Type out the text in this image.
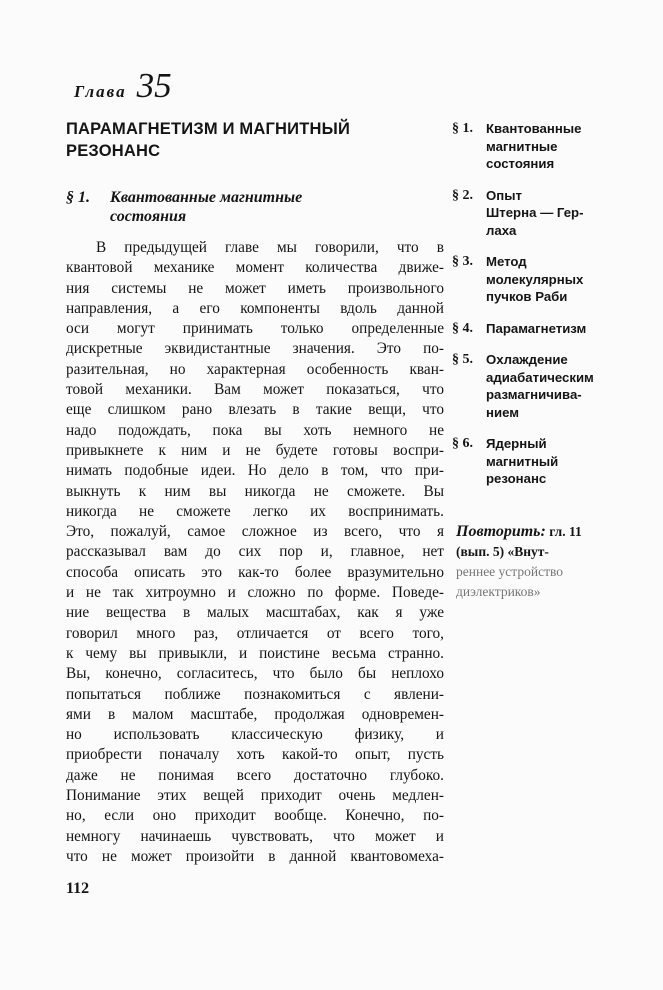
Глава 35
ПАРАМАГНЕТИЗМ И МАГНИТНЫЙ
РЕЗОНАНС
§ 1.	Квантованные магнитные
состояния
В предыдущей главе мы говорили, что в
квантовой механике момент количества движе-
ния системы не может иметь произвольного
направления, а его компоненты вдоль данной
оси могут принимать только определенные
дискретные эквидистантные значения. Это по-
разительная, но характерная особенность кван-
товой механики. Вам может показаться, что
еще слишком рано влезать в такие вещи, что
надо подождать, пока вы хоть немного не
привыкнете к ним и не будете готовы воспри-
нимать подобные идеи. Но дело в том, что при-
выкнуть к ним вы никогда не сможете. Вы
никогда не сможете легко их воспринимать.
Это, пожалуй, самое сложное из всего, что я
рассказывал вам до сих пор и, главное, нет
способа описать это как-то более вразумительно
и не так хитроумно и сложно по форме. Поведе-
ние вещества в малых масштабах, как я уже
говорил много раз, отличается от всего того,
к чему вы привыкли, и поистине весьма странно.
Вы, конечно, согласитесь, что было бы неплохо
попытаться поближе познакомиться с явлени-
ями в малом масштабе, продолжая одновремен-
но использовать классическую физику, и
приобрести поначалу хоть какой-то опыт, пусть
даже не понимая всего достаточно глубоко.
Понимание этих вещей приходит очень медлен-
но, если оно приходит вообще. Конечно, по-
немногу начинаешь чувствовать, что может и
что не может произойти в данной квантовомеха-
112
§ 1. Квантованные
магнитные
состояния
§ 2. Опыт
Штерна — Гер-
лаха
§ 3. Метод
молекулярных
пучков Раби
§ 4. Парамагнетизм
§ 5. Охлаждение
адиабатическим
размагничива-
нием
§ 6. Ядерный
магнитный
резонанс
Повторить: гл. 11
(вып. 5) «Внут-
реннее устройство
диэлектриков»
